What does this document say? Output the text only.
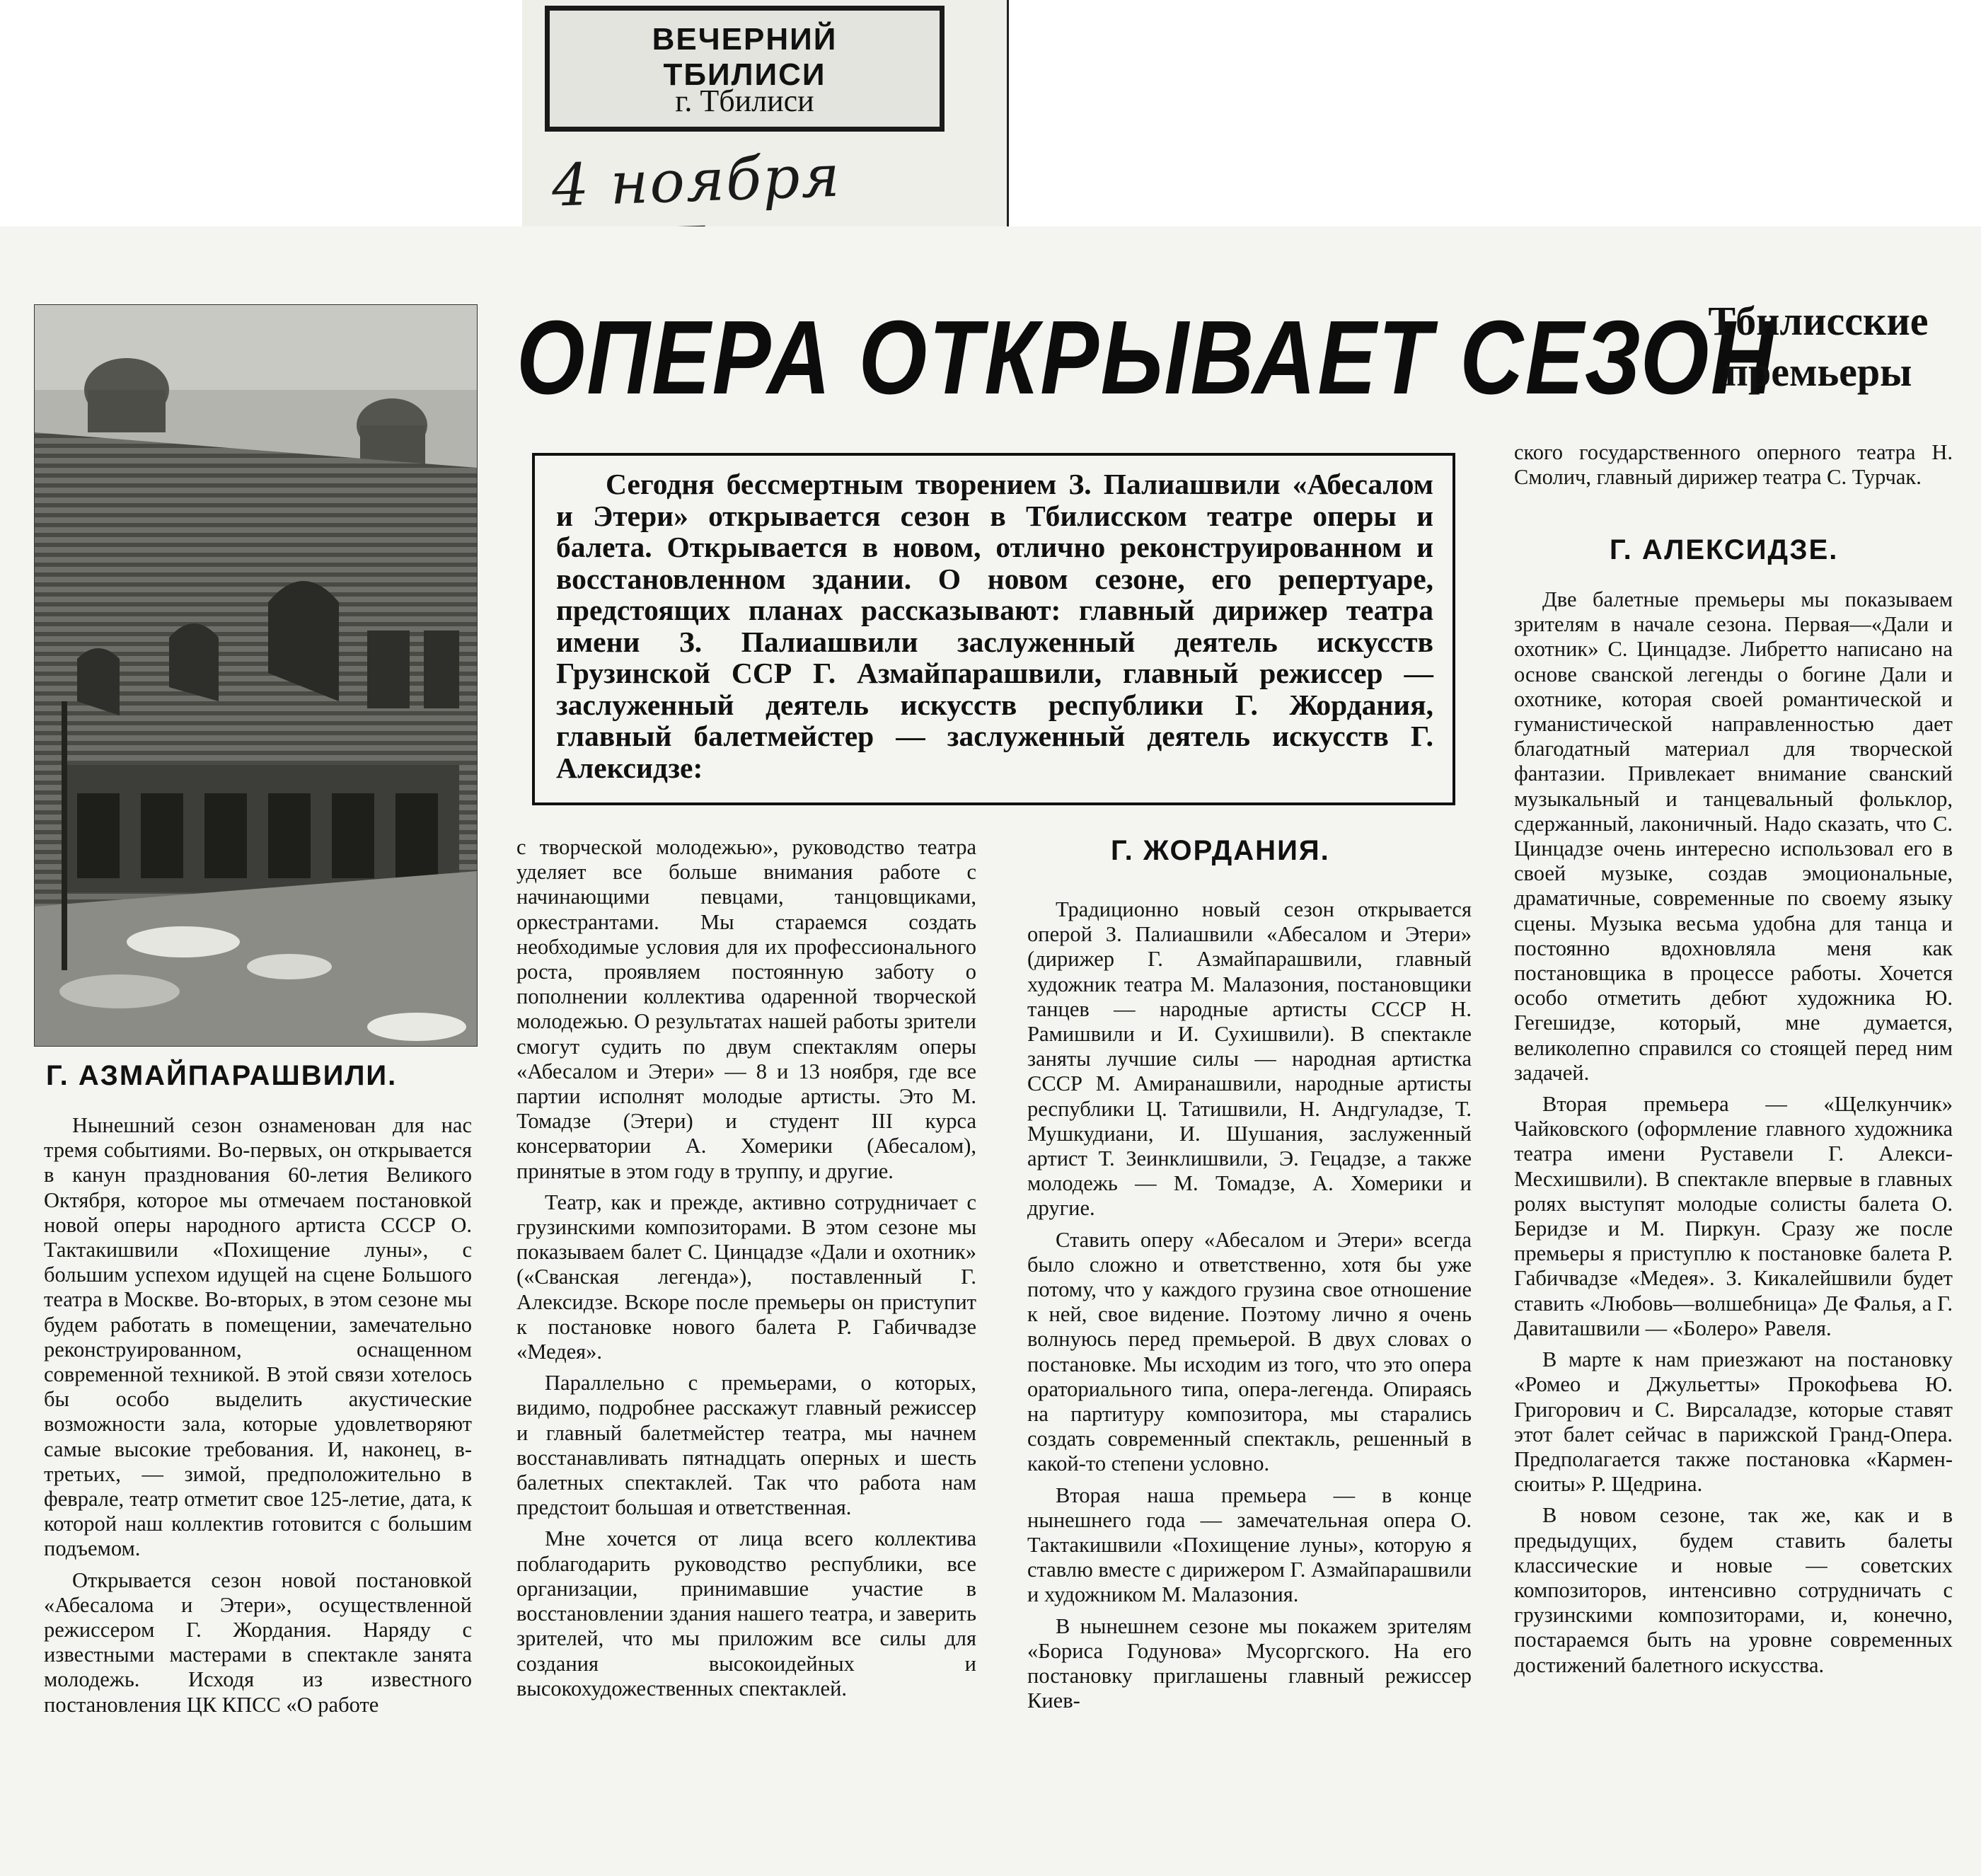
ВЕЧЕРНИЙ ТБИЛИСИ
г. Тбилиси
4 ноября
ОПЕРА ОТКРЫВАЕТ СЕЗОН
Тбилисские
премьеры
Сегодня бессмертным творением З. Палиашвили «Абесалом и Этери» открывается сезон в Тбилисском театре оперы и балета. Открывается в новом, отлично реконструированном и восстановленном здании. О новом сезоне, его репертуаре, предстоящих планах рассказывают: главный дирижер театра имени З. Палиашвили заслуженный деятель искусств Грузинской ССР Г. Азмайпарашвили, главный режиссер — заслуженный деятель искусств республики Г. Жордания, главный балетмейстер — заслуженный деятель искусств Г. Алексидзе:
Г. АЗМАЙПАРАШВИЛИ.

Нынешний сезон ознаменован для нас тремя событиями. Во-первых, он открывается в канун празднования 60-летия Великого Октября, которое мы отмечаем постановкой новой оперы народного артиста СССР О. Тактакишвили «Похищение луны», с большим успехом идущей на сцене Большого театра в Москве. Во-вторых, в этом сезоне мы будем работать в помещении, замечательно реконструированном, оснащенном современной техникой. В этой связи хотелось бы особо выделить акустические возможности зала, которые удовлетворяют самые высокие требования. И, наконец, в-третьих, — зимой, предположительно в феврале, театр отметит свое 125-летие, дата, к которой наш коллектив готовится с большим подъемом.

Открывается сезон новой постановкой «Абесалома и Этери», осуществленной режиссером Г. Жордания. Наряду с известными мастерами в спектакле занята молодежь. Исходя из известного постановления ЦК КПСС «О работе

с творческой молодежью», руководство театра уделяет все больше внимания работе с начинающими певцами, танцовщиками, оркестрантами. Мы стараемся создать необходимые условия для их профессионального роста, проявляем постоянную заботу о пополнении коллектива одаренной творческой молодежью. О результатах нашей работы зрители смогут судить по двум спектаклям оперы «Абесалом и Этери» — 8 и 13 ноября, где все партии исполнят молодые артисты. Это М. Томадзе (Этери) и студент III курса консерватории А. Хомерики (Абесалом), принятые в этом году в труппу, и другие.

Театр, как и прежде, активно сотрудничает с грузинскими композиторами. В этом сезоне мы показываем балет С. Цинцадзе «Дали и охотник» («Сванская легенда»), поставленный Г. Алексидзе. Вскоре после премьеры он приступит к постановке нового балета Р. Габичвадзе «Медея».

Параллельно с премьерами, о которых, видимо, подробнее расскажут главный режиссер и главный балетмейстер театра, мы начнем восстанавливать пятнадцать оперных и шесть балетных спектаклей. Так что работа нам предстоит большая и ответственная.

Мне хочется от лица всего коллектива поблагодарить руководство республики, все организации, принимавшие участие в восстановлении здания нашего театра, и заверить зрителей, что мы приложим все силы для создания высокоидейных и высокохудожественных спектаклей.

Г. ЖОРДАНИЯ.

Традиционно новый сезон открывается оперой З. Палиашвили «Абесалом и Этери» (дирижер Г. Азмайпарашвили, главный художник театра М. Малазония, постановщики танцев — народные артисты СССР Н. Рамишвили и И. Сухишвили). В спектакле заняты лучшие силы — народная артистка СССР М. Амиранашвили, народные артисты республики Ц. Татишвили, Н. Андгуладзе, Т. Мушкудиани, И. Шушания, заслуженный артист Т. Зеинклишвили, Э. Гецадзе, а также молодежь — М. Томадзе, А. Хомерики и другие.

Ставить оперу «Абесалом и Этери» всегда было сложно и ответственно, хотя бы уже потому, что у каждого грузина свое отношение к ней, свое видение. Поэтому лично я очень волнуюсь перед премьерой. В двух словах о постановке. Мы исходим из того, что это опера ораториального типа, опера-легенда. Опираясь на партитуру композитора, мы старались создать современный спектакль, решенный в какой-то степени условно.

Вторая наша премьера — в конце нынешнего года — замечательная опера О. Тактакишвили «Похищение луны», которую я ставлю вместе с дирижером Г. Азмайпарашвили и художником М. Малазония.

В нынешнем сезоне мы покажем зрителям «Бориса Годунова» Мусоргского. На его постановку приглашены главный режиссер Киев-

ского государственного оперного театра Н. Смолич, главный дирижер театра С. Турчак.

Г. АЛЕКСИДЗЕ.

Две балетные премьеры мы показываем зрителям в начале сезона. Первая—«Дали и охотник» С. Цинцадзе. Либретто написано на основе сванской легенды о богине Дали и охотнике, которая своей романтической и гуманистической направленностью дает благодатный материал для творческой фантазии. Привлекает внимание сванский музыкальный и танцевальный фольклор, сдержанный, лаконичный. Надо сказать, что С. Цинцадзе очень интересно использовал его в своей музыке, создав эмоциональные, драматичные, современные по своему языку сцены. Музыка весьма удобна для танца и постоянно вдохновляла меня как постановщика в процессе работы. Хочется особо отметить дебют художника Ю. Гегешидзе, который, мне думается, великолепно справился со стоящей перед ним задачей.

Вторая премьера — «Щелкунчик» Чайковского (оформление главного художника театра имени Руставели Г. Алекси-Месхишвили). В спектакле впервые в главных ролях выступят молодые солисты балета О. Беридзе и М. Пиркун. Сразу же после премьеры я приступлю к постановке балета Р. Габичвадзе «Медея». З. Кикалейшвили будет ставить «Любовь—волшебница» Де Фалья, а Г. Давиташвили — «Болеро» Равеля.

В марте к нам приезжают на постановку «Ромео и Джульетты» Прокофьева Ю. Григорович и С. Вирсаладзе, которые ставят этот балет сейчас в парижской Гранд-Опера. Предполагается также постановка «Кармен-сюиты» Р. Щедрина.

В новом сезоне, так же, как и в предыдущих, будем ставить балеты классические и новые — советских композиторов, интенсивно сотрудничать с грузинскими композиторами, и, конечно, постараемся быть на уровне современных достижений балетного искусства.
